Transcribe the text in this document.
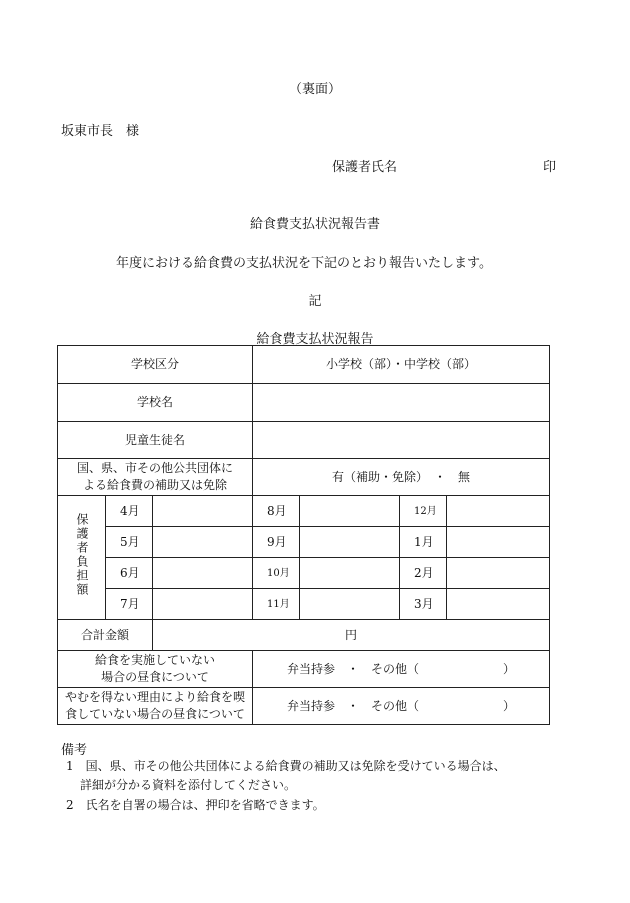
（裏面）
坂東市長　様
保護者氏名	印
給食費支払状況報告書
年度における給食費の支払状況を下記のとおり報告いたします。
記
給食費支払状況報告
学校区分			小学校（部）・中学校（部）			
学校名						
児童生徒名						

国、県、市その他公共団体に
よる給食費の補助又は免除			有（補助・免除）　・　無			
保護者負担額	4月		8月		12月	
	5月		9月		1月	
	6月		10月		2月	
	7月		11月		3月	
合計金額		円				

給食を実施していない
場合の昼食について			弁当持参　・　その他（　　　　　　　）			

やむを得ない理由により給食を喫
食していない場合の昼食について			弁当持参　・　その他（　　　　　　　）			
備考
1　国、県、市その他公共団体による給食費の補助又は免除を受けている場合は、
詳細が分かる資料を添付してください。
2　氏名を自署の場合は、押印を省略できます。
